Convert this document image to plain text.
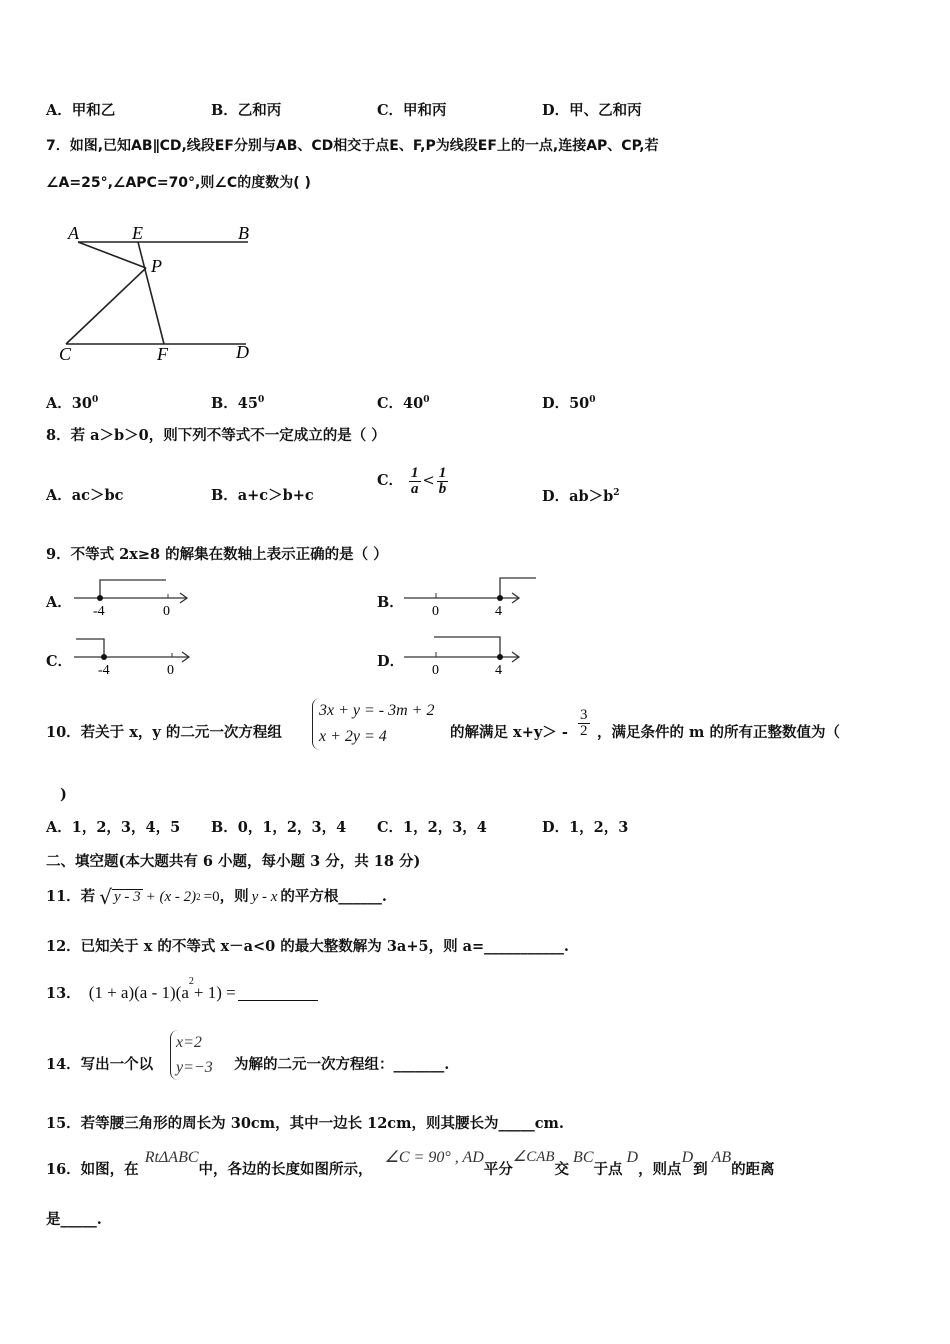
A．甲和乙	B．乙和丙	C．甲和丙	D．甲、乙和丙
7．如图,已知AB∥CD,线段EF分别与AB、CD相交于点E、F,P为线段EF上的一点,连接AP、CP,若
∠A=25°,∠APC=70°,则∠C的度数为( )
A	E	B
P
C	F	D
A．$30^0$	B．$45^0$	C．$40^0$	D．$50^0$
8．若 a＞b＞0，则下列不等式不一定成立的是（ ）
A．ac＞bc	B．a+c＞b+c
C． 1
a <
1
b	D．$ab>b^2$
9．不等式 2x≥8 的解集在数轴上表示正确的是（ ）
A．
-4	0
B．
0	4
C．
-4	0
D．
0	4
10．若关于 x，y 的二元一次方程组
3x + y = - 3m + 2
x + 2y = 4	的解满足 $x+y> - \frac{3}{2}$ ，满足条件的 m 的所有正整数值为（
)
A．1，2，3，4，5 B．0，1，2，3，4 C．1，2，3，4	D．1，2，3
二、填空题(本大题共有 6 小题，每小题 3 分，共 18 分)
11．若 √ y - 3 + (x - 2) 2 =0 ，则 y - x 的平方根______.
12．已知关于 x 的不等式 x－a<0 的最大整数解为 3a+5，则 a=___________.
13． (1 + a)(a - 1)(a
$^2$
+ 1) =
14．写出一个以
x=2
y=−3 为解的二元一次方程组：_______.
15．若等腰三角形的周长为 30cm，其中一边长 12cm，则其腰长为_____cm.
16．如图，在
RtΔABC
中，各边的长度如图所示，
∠C = 90° , AD
平分
∠CAB
交
BC
于点
D
，则点
D
到
AB
的距离
是_____.
